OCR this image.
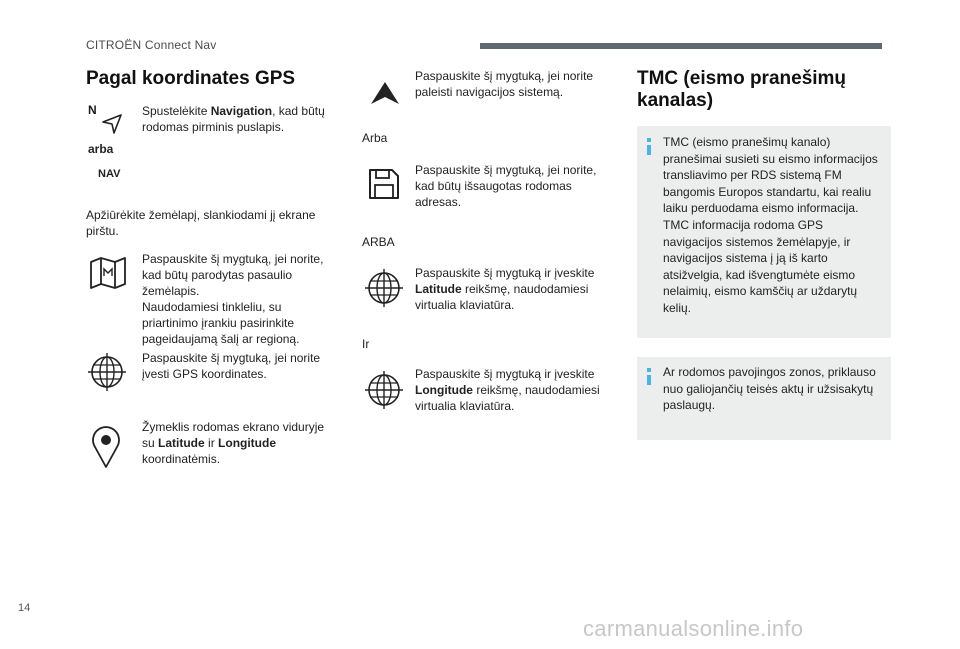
CITROËN Connect Nav
Pagal koordinates GPS
N
arba
NAV
Spustelėkite Navigation, kad būtų rodomas pirminis puslapis.
Apžiūrėkite žemėlapį, slankiodami jį ekrane pirštu.
Paspauskite šį mygtuką, jei norite, kad būtų parodytas pasaulio žemėlapis.
Naudodamiesi tinkleliu, su priartinimo įrankiu pasirinkite pageidaujamą šalį ar regioną.
Paspauskite šį mygtuką, jei norite įvesti GPS koordinates.
Žymeklis rodomas ekrano viduryje su Latitude ir Longitude koordinatėmis.
Paspauskite šį mygtuką, jei norite paleisti navigacijos sistemą.
Arba
Paspauskite šį mygtuką, jei norite, kad būtų išsaugotas rodomas adresas.
ARBA
Paspauskite šį mygtuką ir įveskite Latitude reikšmę, naudodamiesi virtualia klaviatūra.
Ir
Paspauskite šį mygtuką ir įveskite Longitude reikšmę, naudodamiesi virtualia klaviatūra.
TMC (eismo pranešimų
kanalas)
TMC (eismo pranešimų kanalo) pranešimai susieti su eismo informacijos transliavimo per RDS sistemą FM bangomis Europos standartu, kai realiu laiku perduodama eismo informacija.
TMC informacija rodoma GPS navigacijos sistemos žemėlapyje, ir navigacijos sistema į ją iš karto atsižvelgia, kad išvengtumėte eismo nelaimių, eismo kamščių ar uždarytų kelių.
Ar rodomos pavojingos zonos, priklauso nuo galiojančių teisės aktų ir užsisakytų paslaugų.
14
carmanualsonline.info
